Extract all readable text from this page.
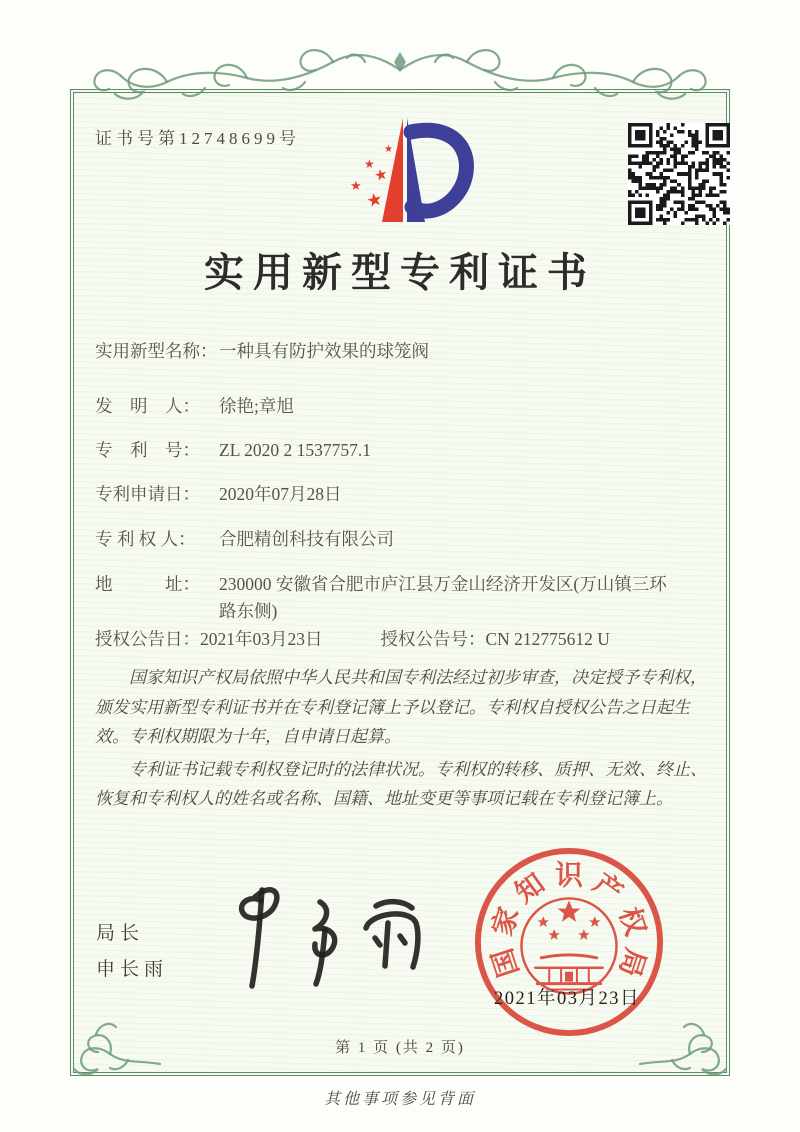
证书号第12748699号
★
★
★
★
★
实用新型专利证书
实用新型名称： 一种具有防护效果的球笼阀
发　明　人：	徐艳;章旭
专　利　号：	ZL 2020 2 1537757.1
专利申请日：	2020年07月28日
专 利 权 人：	合肥精创科技有限公司
地　　　址：	230000 安徽省合肥市庐江县万金山经济开发区(万山镇三环路东侧)
授权公告日： 2021年03月23日	授权公告号： CN 212775612 U

国家知识产权局依照中华人民共和国专利法经过初步审查，决定授予专利权，颁发实用新型专利证书并在专利登记簿上予以登记。专利权自授权公告之日起生效。专利权期限为十年，自申请日起算。

专利证书记载专利权登记时的法律状况。专利权的转移、质押、无效、终止、恢复和专利权人的姓名或名称、国籍、地址变更等事项记载在专利登记簿上。

局长
申长雨	国
家
知 识 产
权
局
2021年03月23日
第 1 页 (共 2 页)
其他事项参见背面
